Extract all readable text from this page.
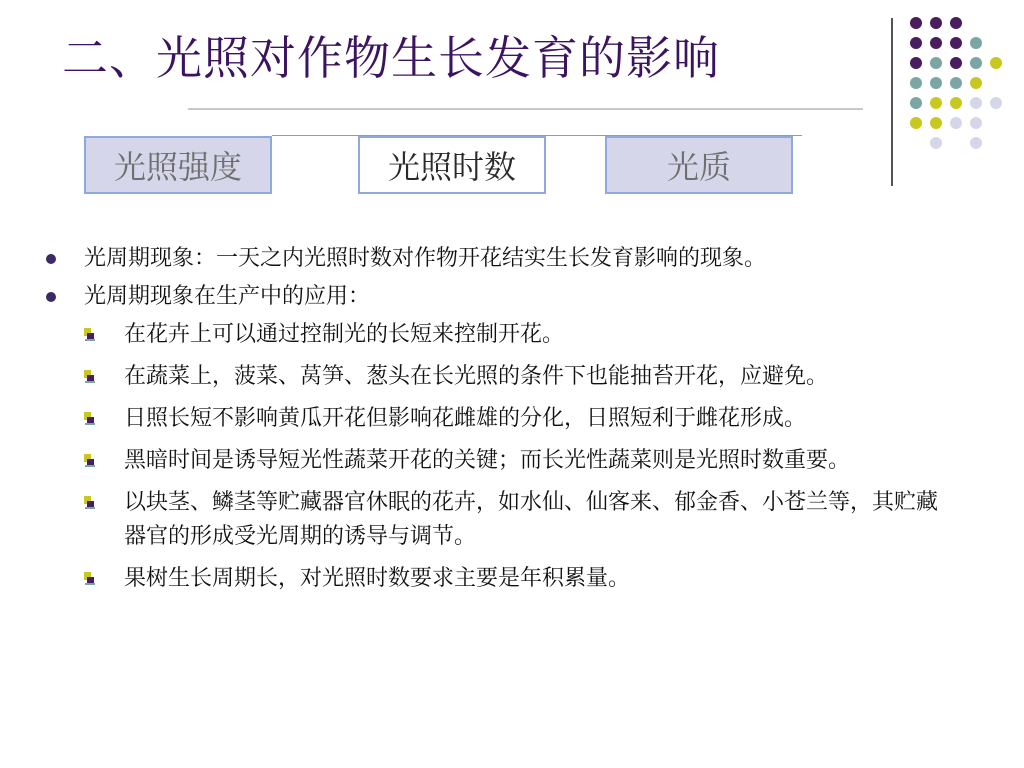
二、光照对作物生长发育的影响
光照强度	光照时数	光质
光周期现象：一天之内光照时数对作物开花结实生长发育影响的现象。
光周期现象在生产中的应用：
在花卉上可以通过控制光的长短来控制开花。
在蔬菜上，菠菜、莴笋、葱头在长光照的条件下也能抽苔开花，应避免。
日照长短不影响黄瓜开花但影响花雌雄的分化，日照短利于雌花形成。
黑暗时间是诱导短光性蔬菜开花的关键；而长光性蔬菜则是光照时数重要。
以块茎、鳞茎等贮藏器官休眠的花卉，如水仙、仙客来、郁金香、小苍兰等，其贮藏器官的形成受光周期的诱导与调节。
果树生长周期长，对光照时数要求主要是年积累量。
